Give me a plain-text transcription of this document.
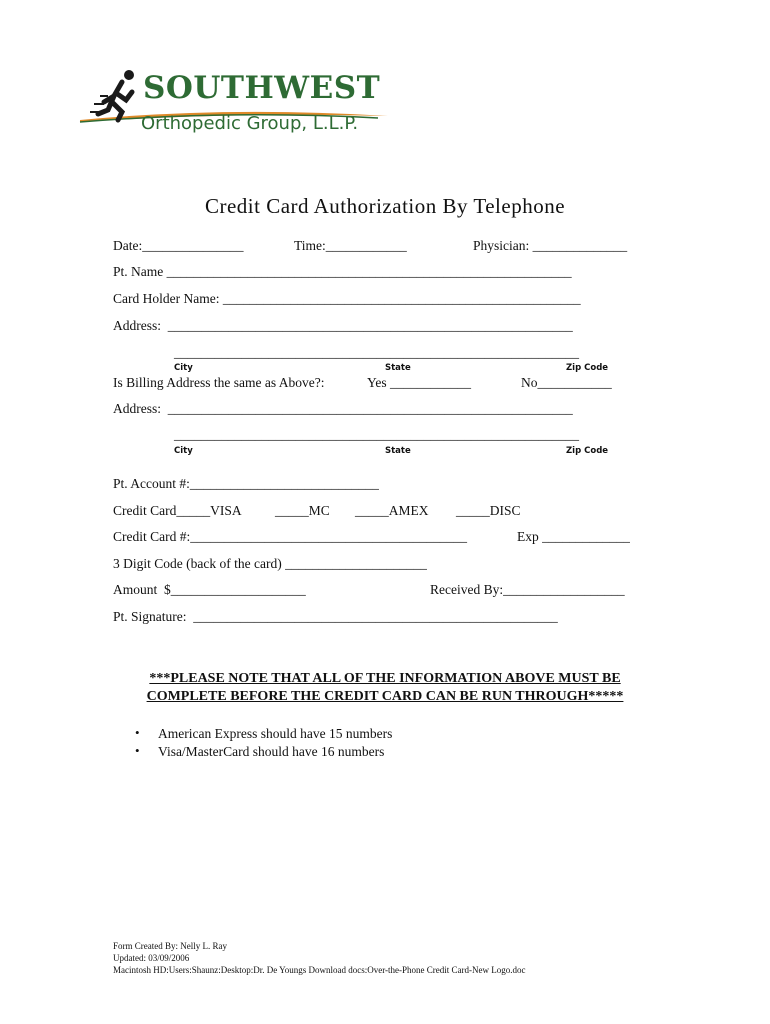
SOUTHWEST
Orthopedic Group, L.L.P.
Credit Card Authorization By Telephone
Date:_______________	Time:____________	Physician: ______________
Pt. Name ____________________________________________________________
Card Holder Name: _____________________________________________________
Address:  ____________________________________________________________
____________________________________________________________
City	State	Zip Code
Is Billing Address the same as Above?:	Yes ____________	No___________
Address:  ____________________________________________________________
____________________________________________________________
City	State	Zip Code
Pt. Account #:____________________________
Credit Card_____VISA _____MC _____AMEX _____DISC
Credit Card #:_________________________________________	Exp _____________
3 Digit Code (back of the card) _____________________
Amount  $____________________	Received By:__________________
Pt. Signature:  ______________________________________________________
***PLEASE NOTE THAT ALL OF THE INFORMATION ABOVE MUST BE
COMPLETE BEFORE THE CREDIT CARD CAN BE RUN THROUGH*****
• American Express should have 15 numbers
• Visa/MasterCard should have 16 numbers
Form Created By: Nelly L. Ray
Updated: 03/09/2006
Macintosh HD:Users:Shaunz:Desktop:Dr. De Youngs Download docs:Over-the-Phone Credit Card-New Logo.doc
